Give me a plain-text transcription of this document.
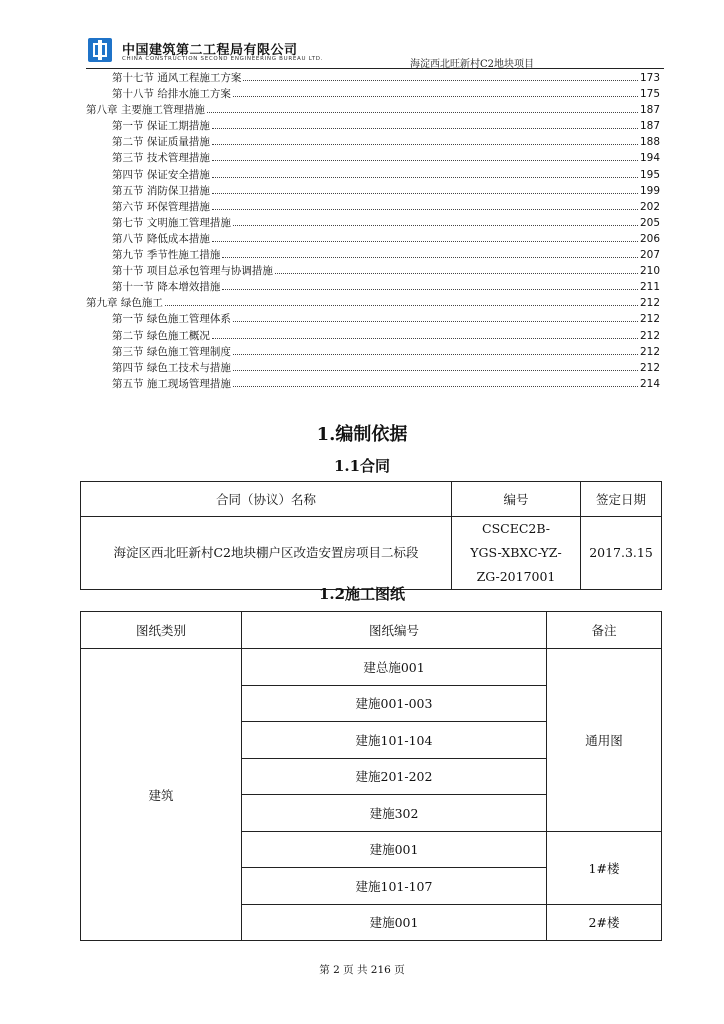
中国建筑第二工程局有限公司
CHINA CONSTRUCTION SECOND ENGINEERING BUREAU LTD.	海淀西北旺新村C2地块项目
第十七节 通风工程施工方案	173
第十八节 给排水施工方案	175
第八章 主要施工管理措施	187
第一节 保证工期措施	187
第二节 保证质量措施	188
第三节 技术管理措施	194
第四节 保证安全措施	195
第五节 消防保卫措施	199
第六节 环保管理措施	202
第七节 文明施工管理措施	205
第八节 降低成本措施	206
第九节 季节性施工措施	207
第十节 项目总承包管理与协调措施	210
第十一节 降本增效措施	211
第九章 绿色施工	212
第一节 绿色施工管理体系	212
第二节 绿色施工概况	212
第三节 绿色施工管理制度	212
第四节 绿色工技术与措施	212
第五节 施工现场管理措施	214
1.编制依据
1.1合同
合同（协议）名称	编号	签定日期
海淀区西北旺新村C2地块棚户区改造安置房项目二标段	CSCEC2B-YGS-XBXC-YZ-ZG-2017001	2017.3.15
1.2施工图纸
图纸类别	图纸编号	备注
建筑	建总施001	通用图
	建施001-003	
	建施101-104	
	建施201-202	
	建施302	
	建施001	1#楼
	建施101-107	
	建施001	2#楼
第 2 页 共 216 页
